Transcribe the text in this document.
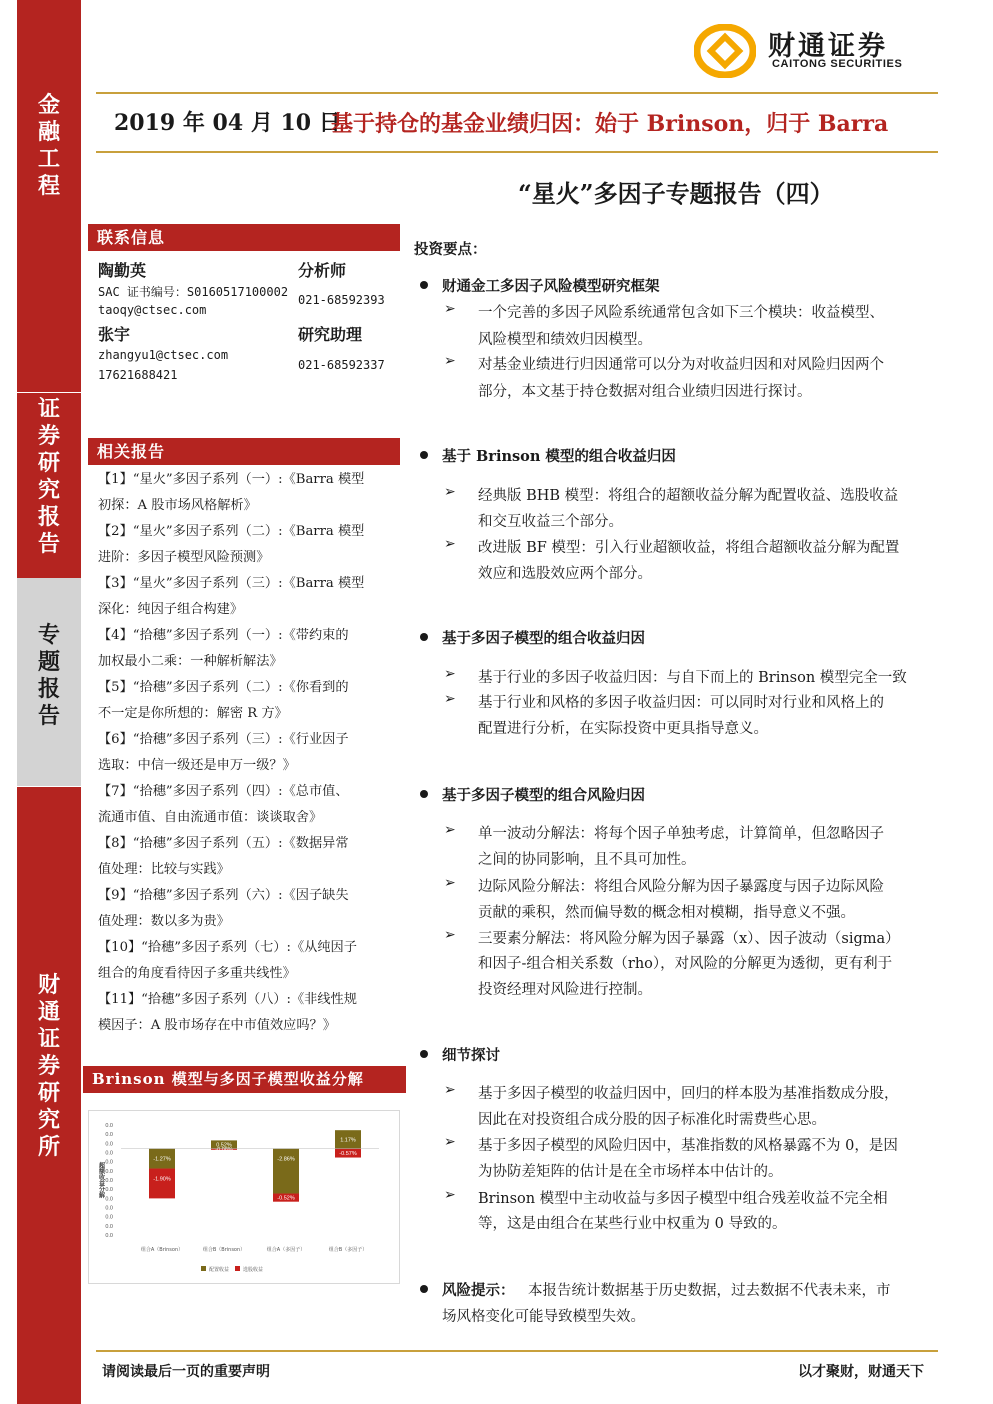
金
融
工
程
证
券
研
究
报
告
专
题
报
告
财
通
证
券
研
究
所
财通证券
CAITONG SECURITIES
2019 年 04 月 10 日
基于持仓的基金业绩归因：始于 Brinson，归于 Barra
“星火”多因子专题报告（四）
联系信息
陶勤英	分析师
SAC 证书编号：S0160517100002
021-68592393
taoqy@ctsec.com
张宇	研究助理
zhangyu1@ctsec.com
021-68592337
17621688421
相关报告
【1】“星火”多因子系列（一）:《Barra 模型
初探：A 股市场风格解析》
【2】“星火”多因子系列（二）:《Barra 模型
进阶：多因子模型风险预测》
【3】“星火”多因子系列（三）:《Barra 模型
深化：纯因子组合构建》
【4】“拾穗”多因子系列（一）:《带约束的
加权最小二乘：一种解析解法》
【5】“拾穗”多因子系列（二）:《你看到的
不一定是你所想的：解密 R 方》
【6】“拾穗”多因子系列（三）:《行业因子
选取：中信一级还是申万一级？》
【7】“拾穗”多因子系列（四）:《总市值、
流通市值、自由流通市值：谈谈取舍》
【8】“拾穗”多因子系列（五）:《数据异常
值处理：比较与实践》
【9】“拾穗”多因子系列（六）:《因子缺失
值处理：数以多为贵》
【10】“拾穗”多因子系列（七）:《从纯因子
组合的角度看待因子多重共线性》
【11】“拾穗”多因子系列（八）:《非线性规
模因子：A 股市场存在中市值效应吗？》
Brinson 模型与多因子模型收益分解
0.0
0.0
0.0
0.0
0.0
0.0
0.0
0.0
0.0
0.0
0.0
0.0
0.0
超额收益分解
-1.27%
-1.90%
组合A（Brinson）
0.52%
-0.08%
组合B（Brinson）
-2.86%
-0.52%
组合A（多因子）
1.17%
-0.57%
组合B（多因子）
配置收益	选股收益
投资要点：
财通金工多因子风险模型研究框架
➢ 一个完善的多因子风险系统通常包含如下三个模块：收益模型、
风险模型和绩效归因模型。
➢ 对基金业绩进行归因通常可以分为对收益归因和对风险归因两个
部分，本文基于持仓数据对组合业绩归因进行探讨。
基于 Brinson 模型的组合收益归因
➢ 经典版 BHB 模型：将组合的超额收益分解为配置收益、选股收益
和交互收益三个部分。
➢ 改进版 BF 模型：引入行业超额收益，将组合超额收益分解为配置
效应和选股效应两个部分。
基于多因子模型的组合收益归因
➢ 基于行业的多因子收益归因：与自下而上的 Brinson 模型完全一致
➢ 基于行业和风格的多因子收益归因：可以同时对行业和风格上的
配置进行分析，在实际投资中更具指导意义。
基于多因子模型的组合风险归因
➢ 单一波动分解法：将每个因子单独考虑，计算简单，但忽略因子
之间的协同影响，且不具可加性。
➢ 边际风险分解法：将组合风险分解为因子暴露度与因子边际风险
贡献的乘积，然而偏导数的概念相对模糊，指导意义不强。
➢ 三要素分解法：将风险分解为因子暴露（x）、因子波动（sigma）
和因子-组合相关系数（rho），对风险的分解更为透彻，更有利于
投资经理对风险进行控制。
细节探讨
➢ 基于多因子模型的收益归因中，回归的样本股为基准指数成分股，
因此在对投资组合成分股的因子标准化时需费些心思。
➢ 基于多因子模型的风险归因中，基准指数的风格暴露不为 0，是因
为协防差矩阵的估计是在全市场样本中估计的。
➢ Brinson 模型中主动收益与多因子模型中组合残差收益不完全相
等，这是由组合在某些行业中权重为 0 导致的。
风险提示： 本报告统计数据基于历史数据，过去数据不代表未来，市
场风格变化可能导致模型失效。
请阅读最后一页的重要声明	以才聚财，财通天下
